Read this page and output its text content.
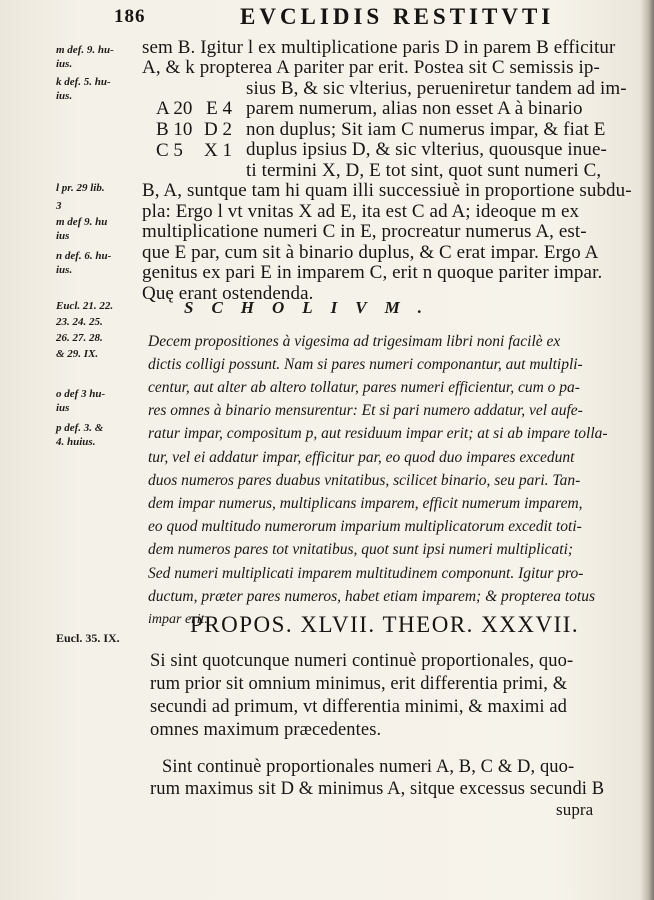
186	EVCLIDIS RESTITVTI
m def. 9. hu-
ius.
k def. 5. hu-
ius.
l pr. 29 lib.
3
m def 9. hu
ius
n def. 6. hu-
ius.
Eucl. 21. 22.
23. 24. 25.
26. 27. 28.
& 29. IX.
o def 3 hu-
ius
p def. 3. &
4. huius.
Eucl. 35. IX.
A 20 E 4
B 10 D 2
C 5 X 1
sem B. Igitur l ex multiplicatione paris D in parem B efficitur
A, & k propterea A pariter par erit. Postea sit C semissis ip-
sius B, & sic vlterius, perueniretur tandem ad im-
parem numerum, alias non esset A à binario
non duplus; Sit iam C numerus impar, & fiat E
duplus ipsius D, & sic vlterius, quousque inue-
ti termini X, D, E tot sint, quot sunt numeri C,
B, A, suntque tam hi quam illi successiuè in proportione subdu-
pla: Ergo l vt vnitas X ad E, ita est C ad A; ideoque m ex
multiplicatione numeri C in E, procreatur numerus A, est-
que E par, cum sit à binario duplus, & C erat impar. Ergo A
genitus ex pari E in imparem C, erit n quoque pariter impar.
Quę erant ostendenda.
SCHOLIVM.
Decem propositiones à vigesima ad trigesimam libri noni facilè ex
dictis colligi possunt. Nam si pares numeri componantur, aut multipli-
centur, aut alter ab altero tollatur, pares numeri efficientur, cum o pa-
res omnes à binario mensurentur: Et si pari numero addatur, vel aufe-
ratur impar, compositum p, aut residuum impar erit; at si ab impare tolla-
tur, vel ei addatur impar, efficitur par, eo quod duo impares excedunt
duos numeros pares duabus vnitatibus, scilicet binario, seu pari. Tan-
dem impar numerus, multiplicans imparem, efficit numerum imparem,
eo quod multitudo numerorum imparium multiplicatorum excedit toti-
dem numeros pares tot vnitatibus, quot sunt ipsi numeri multiplicati;
Sed numeri multiplicati imparem multitudinem componunt. Igitur pro-
ductum, præter pares numeros, habet etiam imparem; & propterea totus
impar erit.
PROPOS. XLVII. THEOR. XXXVII.
Si sint quotcunque numeri continuè proportionales, quo-
rum prior sit omnium minimus, erit differentia primi, &
secundi ad primum, vt differentia minimi, & maximi ad
omnes maximum præcedentes.
Sint continuè proportionales numeri A, B, C & D, quo-
rum maximus sit D & minimus A, sitque excessus secundi B
supra
